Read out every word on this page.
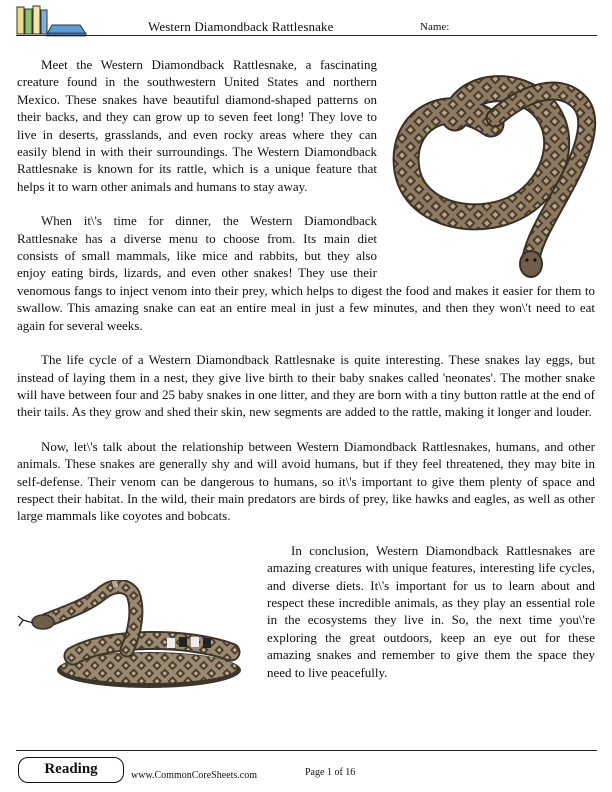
Western Diamondback Rattlesnake	Name:

Meet the Western Diamondback Rattlesnake, a fascinating creature found in the southwestern United States and northern Mexico. These snakes have beautiful diamond-shaped patterns on their backs, and they can grow up to seven feet long! They love to live in deserts, grasslands, and even rocky areas where they can easily blend in with their surroundings. The Western Diamondback Rattlesnake is known for its rattle, which is a unique feature that helps it to warn other animals and humans to stay away.

When it\'s time for dinner, the Western Diamondback Rattlesnake has a diverse menu to choose from. Its main diet consists of small mammals, like mice and rabbits, but they also enjoy eating birds, lizards, and even other snakes! They use their venomous fangs to inject venom into their prey, which helps to digest the food and makes it easier for them to swallow. This amazing snake can eat an entire meal in just a few minutes, and then they won\'t need to eat again for several weeks.

The life cycle of a Western Diamondback Rattlesnake is quite interesting. These snakes lay eggs, but instead of laying them in a nest, they give live birth to their baby snakes called 'neonates'. The mother snake will have between four and 25 baby snakes in one litter, and they are born with a tiny button rattle at the end of their tails. As they grow and shed their skin, new segments are added to the rattle, making it longer and louder.

Now, let\'s talk about the relationship between Western Diamondback Rattlesnakes, humans, and other animals. These snakes are generally shy and will avoid humans, but if they feel threatened, they may bite in self-defense. Their venom can be dangerous to humans, so it\'s important to give them plenty of space and respect their habitat. In the wild, their main predators are birds of prey, like hawks and eagles, as well as other large mammals like coyotes and bobcats.

In conclusion, Western Diamondback Rattlesnakes are amazing creatures with unique features, interesting life cycles, and diverse diets. It\'s important for us to learn about and respect these incredible animals, as they play an essential role in the ecosystems they live in. So, the next time you\'re exploring the great outdoors, keep an eye out for these amazing snakes and remember to give them the space they need to live peacefully.

Reading	www.CommonCoreSheets.com	Page 1 of 16
